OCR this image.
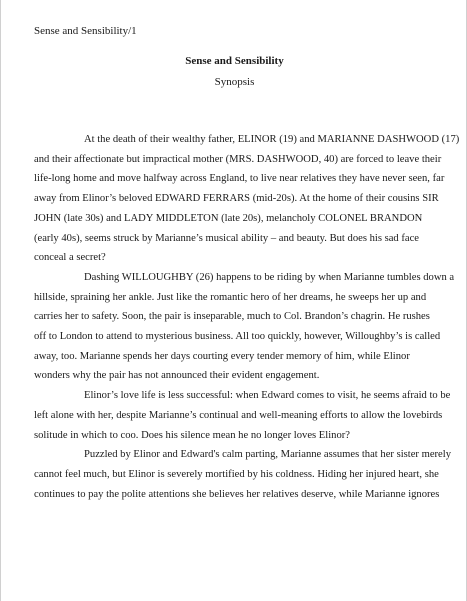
Sense and Sensibility/1
Sense and Sensibility
Synopsis

At the death of their wealthy father, ELINOR (19) and MARIANNE DASHWOOD (17)
and their affectionate but impractical mother (MRS. DASHWOOD, 40) are forced to leave their
life-long home and move halfway across England, to live near relatives they have never seen, far
away from Elinor’s beloved EDWARD FERRARS (mid-20s). At the home of their cousins SIR
JOHN (late 30s) and LADY MIDDLETON (late 20s), melancholy COLONEL BRANDON
(early 40s), seems struck by Marianne’s musical ability – and beauty. But does his sad face
conceal a secret?

Dashing WILLOUGHBY (26) happens to be riding by when Marianne tumbles down a
hillside, spraining her ankle. Just like the romantic hero of her dreams, he sweeps her up and
carries her to safety. Soon, the pair is inseparable, much to Col. Brandon’s chagrin. He rushes
off to London to attend to mysterious business. All too quickly, however, Willoughby’s is called
away, too. Marianne spends her days courting every tender memory of him, while Elinor
wonders why the pair has not announced their evident engagement.

Elinor’s love life is less successful: when Edward comes to visit, he seems afraid to be
left alone with her, despite Marianne’s continual and well-meaning efforts to allow the lovebirds
solitude in which to coo. Does his silence mean he no longer loves Elinor?

Puzzled by Elinor and Edward's calm parting, Marianne assumes that her sister merely
cannot feel much, but Elinor is severely mortified by his coldness. Hiding her injured heart, she
continues to pay the polite attentions she believes her relatives deserve, while Marianne ignores
